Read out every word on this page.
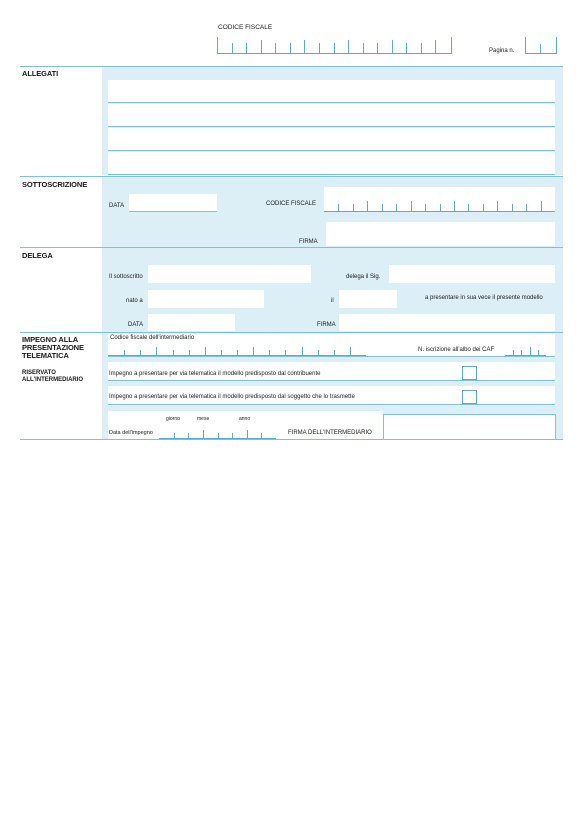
CODICE FISCALE
Pagina n.
ALLEGATI
SOTTOSCRIZIONE
DATA	CODICE FISCALE
FIRMA
DELEGA
Il sottoscritto	delega il Sig.
nato a	il	a presentare in sua vece il presente modello
DATA	FIRMA
IMPEGNO ALLA
PRESENTAZIONE
TELEMATICA
RISERVATO
ALL'INTERMEDIARIO
Codice fiscale dell'intermediario
N. iscrizione all'albo dei CAF
Impegno a presentare per via telematica il modello predisposto dal contribuente
Impegno a presentare per via telematica il modello predisposto dal soggetto che lo trasmette
giorno	mese	anno
Data dell'impegno	FIRMA DELL'INTERMEDIARIO
